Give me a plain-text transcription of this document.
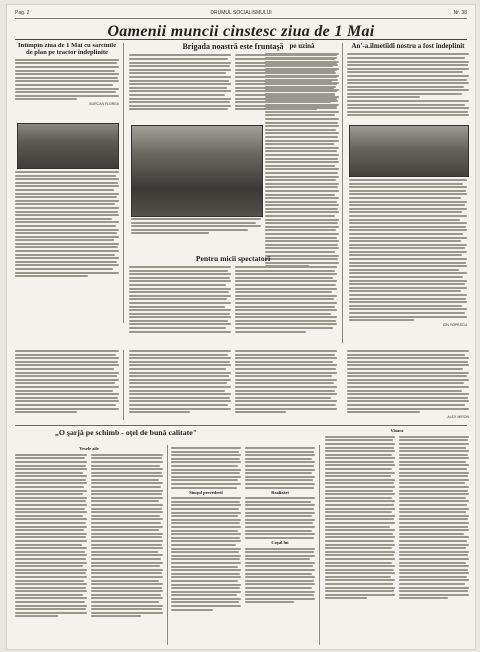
Pag. 2	DRUMUL SOCIALISMULUI	Nr. 38
Oamenii muncii cinstesc ziua de 1 Mai
Intîmpin ziua de 1 Mai cu sarcinile de plan pe tractor îndeplinite
BURCAN FLOREA
Brigada noastră este fruntaşă pe uzină	An'-a.îlmetiîdî nostru a fost îndeplinit
ION POPESCU
Pentru micii spectatori
ALEX MIRON
„O şarjă pe schimb - oţel de bună calitate"
Vesele zile
Simţul prevederii	Realizări
Coşul lui
Vioara
